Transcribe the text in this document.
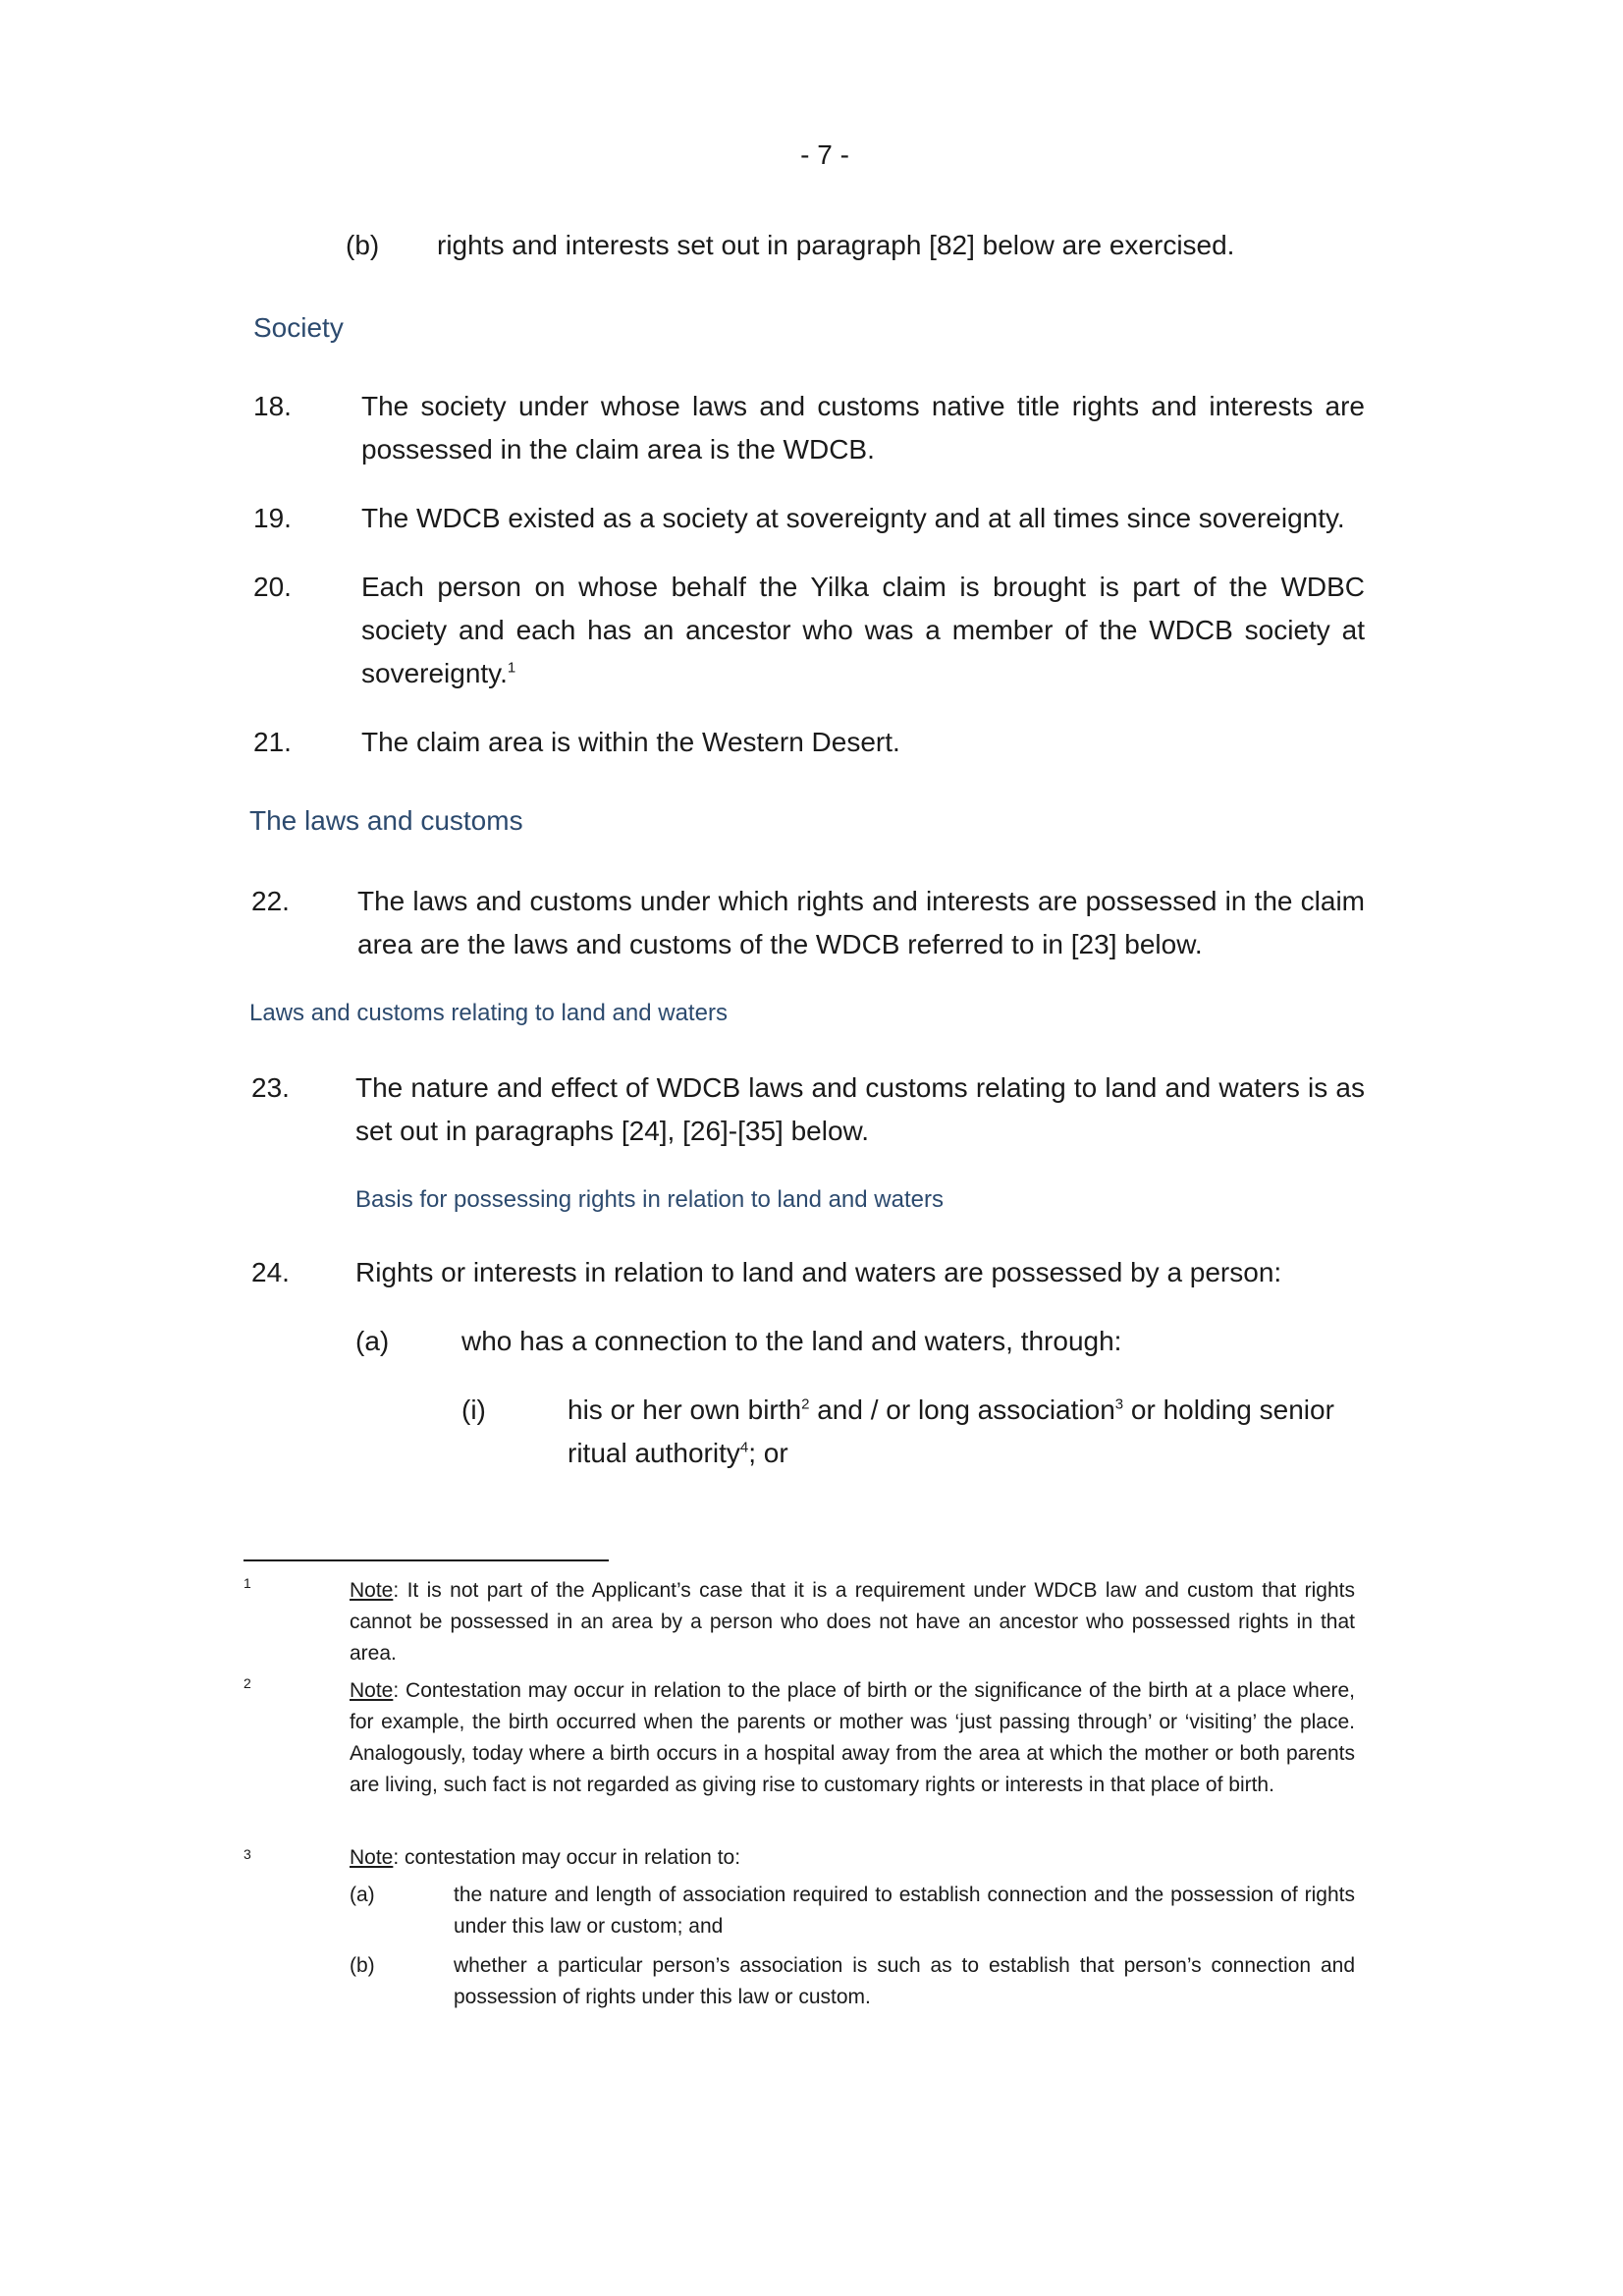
- 7 -
(b) rights and interests set out in paragraph [82] below are exercised.
Society
18.	The society under whose laws and customs native title rights and interests are possessed in the claim area is the WDCB.
19.	The WDCB existed as a society at sovereignty and at all times since sovereignty.
20.	Each person on whose behalf the Yilka claim is brought is part of the WDBC society and each has an ancestor who was a member of the WDCB society at sovereignty.$^1$
21.	The claim area is within the Western Desert.
The laws and customs
22. The laws and customs under which rights and interests are possessed in the claim area are the laws and customs of the WDCB referred to in [23] below.
Laws and customs relating to land and waters
23. The nature and effect of WDCB laws and customs relating to land and waters is as set out in paragraphs [24], [26]-[35] below.
Basis for possessing rights in relation to land and waters
24. Rights or interests in relation to land and waters are possessed by a person:
(a)	who has a connection to the land and waters, through:
(i)	his or her own birth$^2$ and / or long association$^3$ or holding senior ritual authority$^4$; or
1	Note: It is not part of the Applicant’s case that it is a requirement under WDCB law and custom that rights cannot be possessed in an area by a person who does not have an ancestor who possessed rights in that area.
2	Note: Contestation may occur in relation to the place of birth or the significance of the birth at a place where, for example, the birth occurred when the parents or mother was ‘just passing through’ or ‘visiting’ the place. Analogously, today where a birth occurs in a hospital away from the area at which the mother or both parents are living, such fact is not regarded as giving rise to customary rights or interests in that place of birth.
3	Note: contestation may occur in relation to:
(a)	the nature and length of association required to establish connection and the possession of rights under this law or custom; and
(b)	whether a particular person’s association is such as to establish that person’s connection and possession of rights under this law or custom.
